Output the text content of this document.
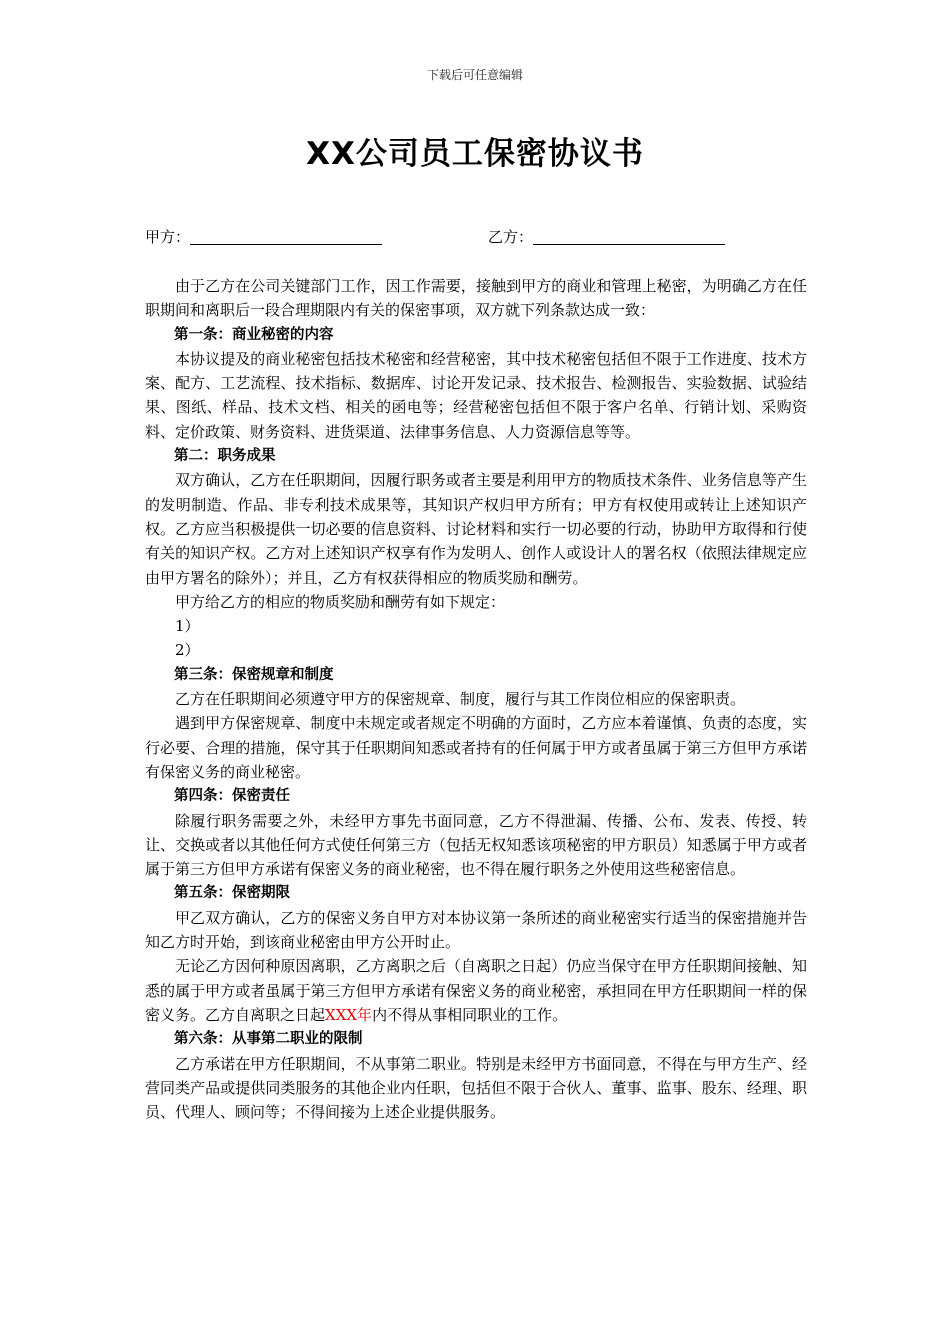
下载后可任意编辑
XX公司员工保密协议书
甲方：	乙方：

由于乙方在公司关键部门工作，因工作需要，接触到甲方的商业和管理上秘密，为明确乙方在任职期间和离职后一段合理期限内有关的保密事项，双方就下列条款达成一致：

第一条：商业秘密的内容

本协议提及的商业秘密包括技术秘密和经营秘密，其中技术秘密包括但不限于工作进度、技术方案、配方、工艺流程、技术指标、数据库、讨论开发记录、技术报告、检测报告、实验数据、试验结果、图纸、样品、技术文档、相关的函电等；经营秘密包括但不限于客户名单、行销计划、采购资料、定价政策、财务资料、进货渠道、法律事务信息、人力资源信息等等。

第二：职务成果

双方确认，乙方在任职期间，因履行职务或者主要是利用甲方的物质技术条件、业务信息等产生的发明制造、作品、非专利技术成果等，其知识产权归甲方所有；甲方有权使用或转让上述知识产权。乙方应当积极提供一切必要的信息资料、讨论材料和实行一切必要的行动，协助甲方取得和行使有关的知识产权。乙方对上述知识产权享有作为发明人、创作人或设计人的署名权（依照法律规定应由甲方署名的除外）；并且，乙方有权获得相应的物质奖励和酬劳。

甲方给乙方的相应的物质奖励和酬劳有如下规定：

1）

2）

第三条：保密规章和制度

乙方在任职期间必须遵守甲方的保密规章、制度，履行与其工作岗位相应的保密职责。

遇到甲方保密规章、制度中未规定或者规定不明确的方面时，乙方应本着谨慎、负责的态度，实行必要、合理的措施，保守其于任职期间知悉或者持有的任何属于甲方或者虽属于第三方但甲方承诺有保密义务的商业秘密。

第四条：保密责任

除履行职务需要之外，未经甲方事先书面同意，乙方不得泄漏、传播、公布、发表、传授、转让、交换或者以其他任何方式使任何第三方（包括无权知悉该项秘密的甲方职员）知悉属于甲方或者属于第三方但甲方承诺有保密义务的商业秘密，也不得在履行职务之外使用这些秘密信息。

第五条：保密期限

甲乙双方确认，乙方的保密义务自甲方对本协议第一条所述的商业秘密实行适当的保密措施并告知乙方时开始，到该商业秘密由甲方公开时止。

无论乙方因何种原因离职，乙方离职之后（自离职之日起）仍应当保守在甲方任职期间接触、知悉的属于甲方或者虽属于第三方但甲方承诺有保密义务的商业秘密，承担同在甲方任职期间一样的保密义务。乙方自离职之日起XXX年内不得从事相同职业的工作。

第六条：从事第二职业的限制

乙方承诺在甲方任职期间，不从事第二职业。特别是未经甲方书面同意，不得在与甲方生产、经营同类产品或提供同类服务的其他企业内任职，包括但不限于合伙人、董事、监事、股东、经理、职员、代理人、顾问等；不得间接为上述企业提供服务。
